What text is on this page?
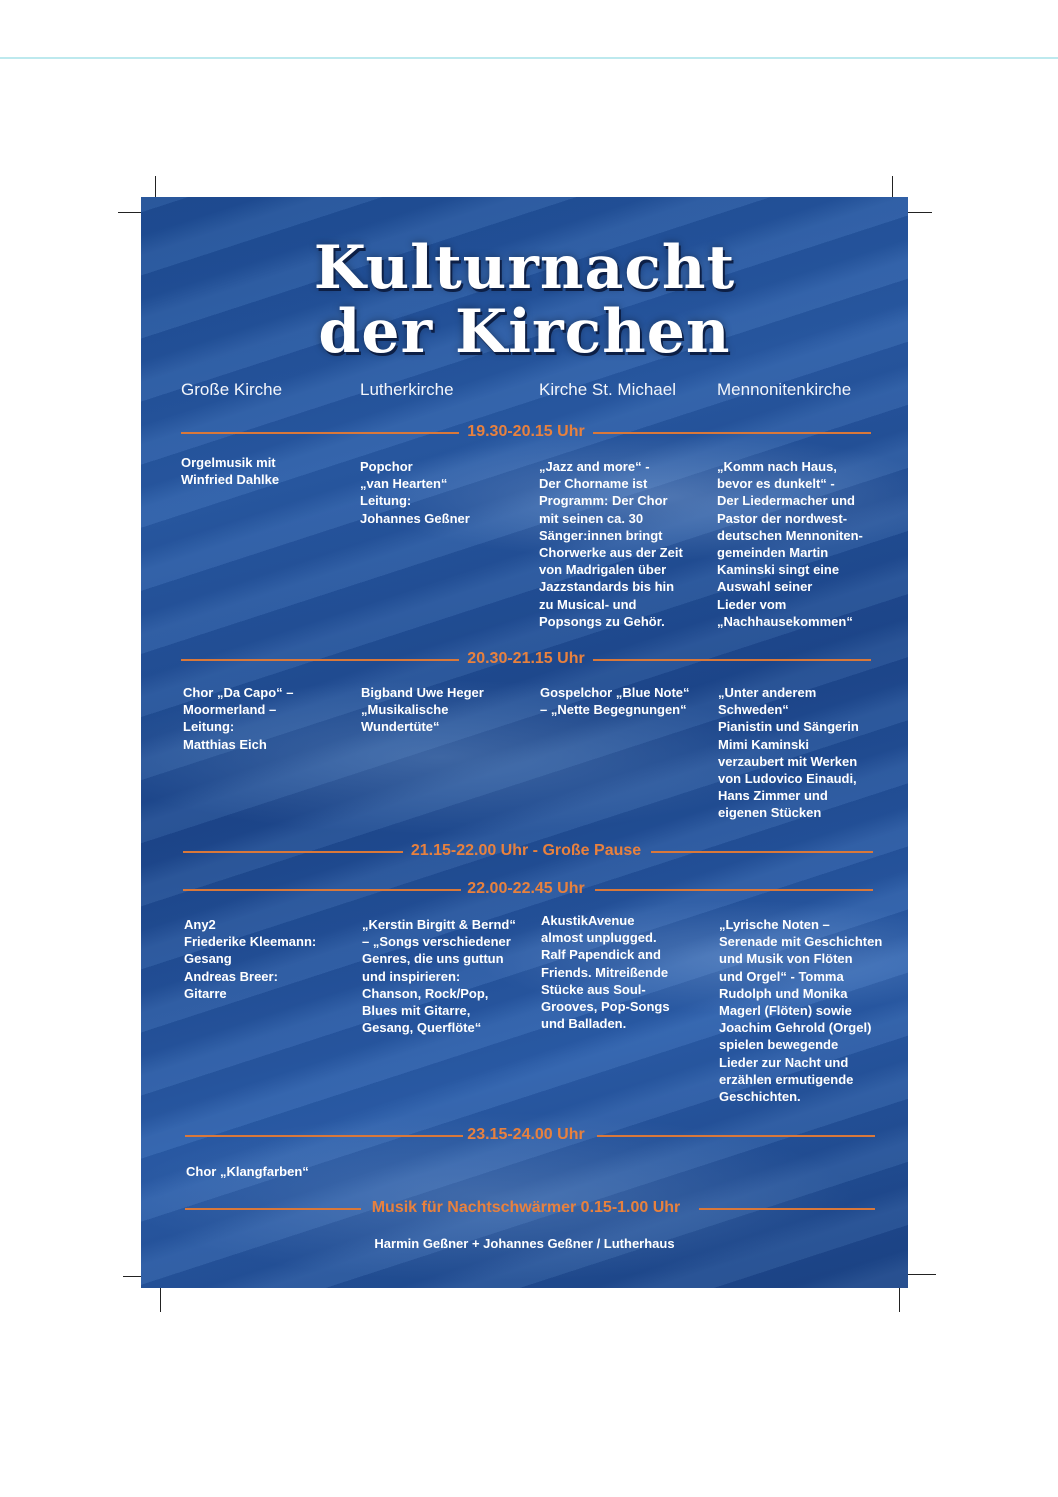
Kulturnacht
der Kirchen
Große Kirche	Lutherkirche	Kirche St. Michael Mennonitenkirche
19.30-20.15 Uhr
Orgelmusik mit
Winfried Dahlke
Popchor
„van Hearten“
Leitung:
Johannes Geßner
„Jazz and more“ -
Der Chorname ist
Programm: Der Chor
mit seinen ca. 30
Sänger:innen bringt
Chorwerke aus der Zeit
von Madrigalen über
Jazzstandards bis hin
zu Musical- und
Popsongs zu Gehör.
„Komm nach Haus,
bevor es dunkelt“ -
Der Liedermacher und
Pastor der nordwest-
deutschen Mennoniten-
gemeinden Martin
Kaminski singt eine
Auswahl seiner
Lieder vom
„Nachhausekommen“
20.30-21.15 Uhr
Chor „Da Capo“ –
Moormerland –
Leitung:
Matthias Eich
Bigband Uwe Heger
„Musikalische
Wundertüte“
Gospelchor „Blue Note“
– „Nette Begegnungen“
„Unter anderem
Schweden“
Pianistin und Sängerin
Mimi Kaminski
verzaubert mit Werken
von Ludovico Einaudi,
Hans Zimmer und
eigenen Stücken
21.15-22.00 Uhr - Große Pause
22.00-22.45 Uhr
Any2
Friederike Kleemann:
Gesang
Andreas Breer:
Gitarre
„Kerstin Birgitt & Bernd“
– „Songs verschiedener
Genres, die uns guttun
und inspirieren:
Chanson, Rock/Pop,
Blues mit Gitarre,
Gesang, Querflöte“
AkustikAvenue
almost unplugged.
Ralf Papendick and
Friends. Mitreißende
Stücke aus Soul-
Grooves, Pop-Songs
und Balladen.
„Lyrische Noten –
Serenade mit Geschichten
und Musik von Flöten
und Orgel“ - Tomma
Rudolph und Monika
Magerl (Flöten) sowie
Joachim Gehrold (Orgel)
spielen bewegende
Lieder zur Nacht und
erzählen ermutigende
Geschichten.
23.15-24.00 Uhr
Chor „Klangfarben“
Musik für Nachtschwärmer 0.15-1.00 Uhr
Harmin Geßner + Johannes Geßner / Lutherhaus
